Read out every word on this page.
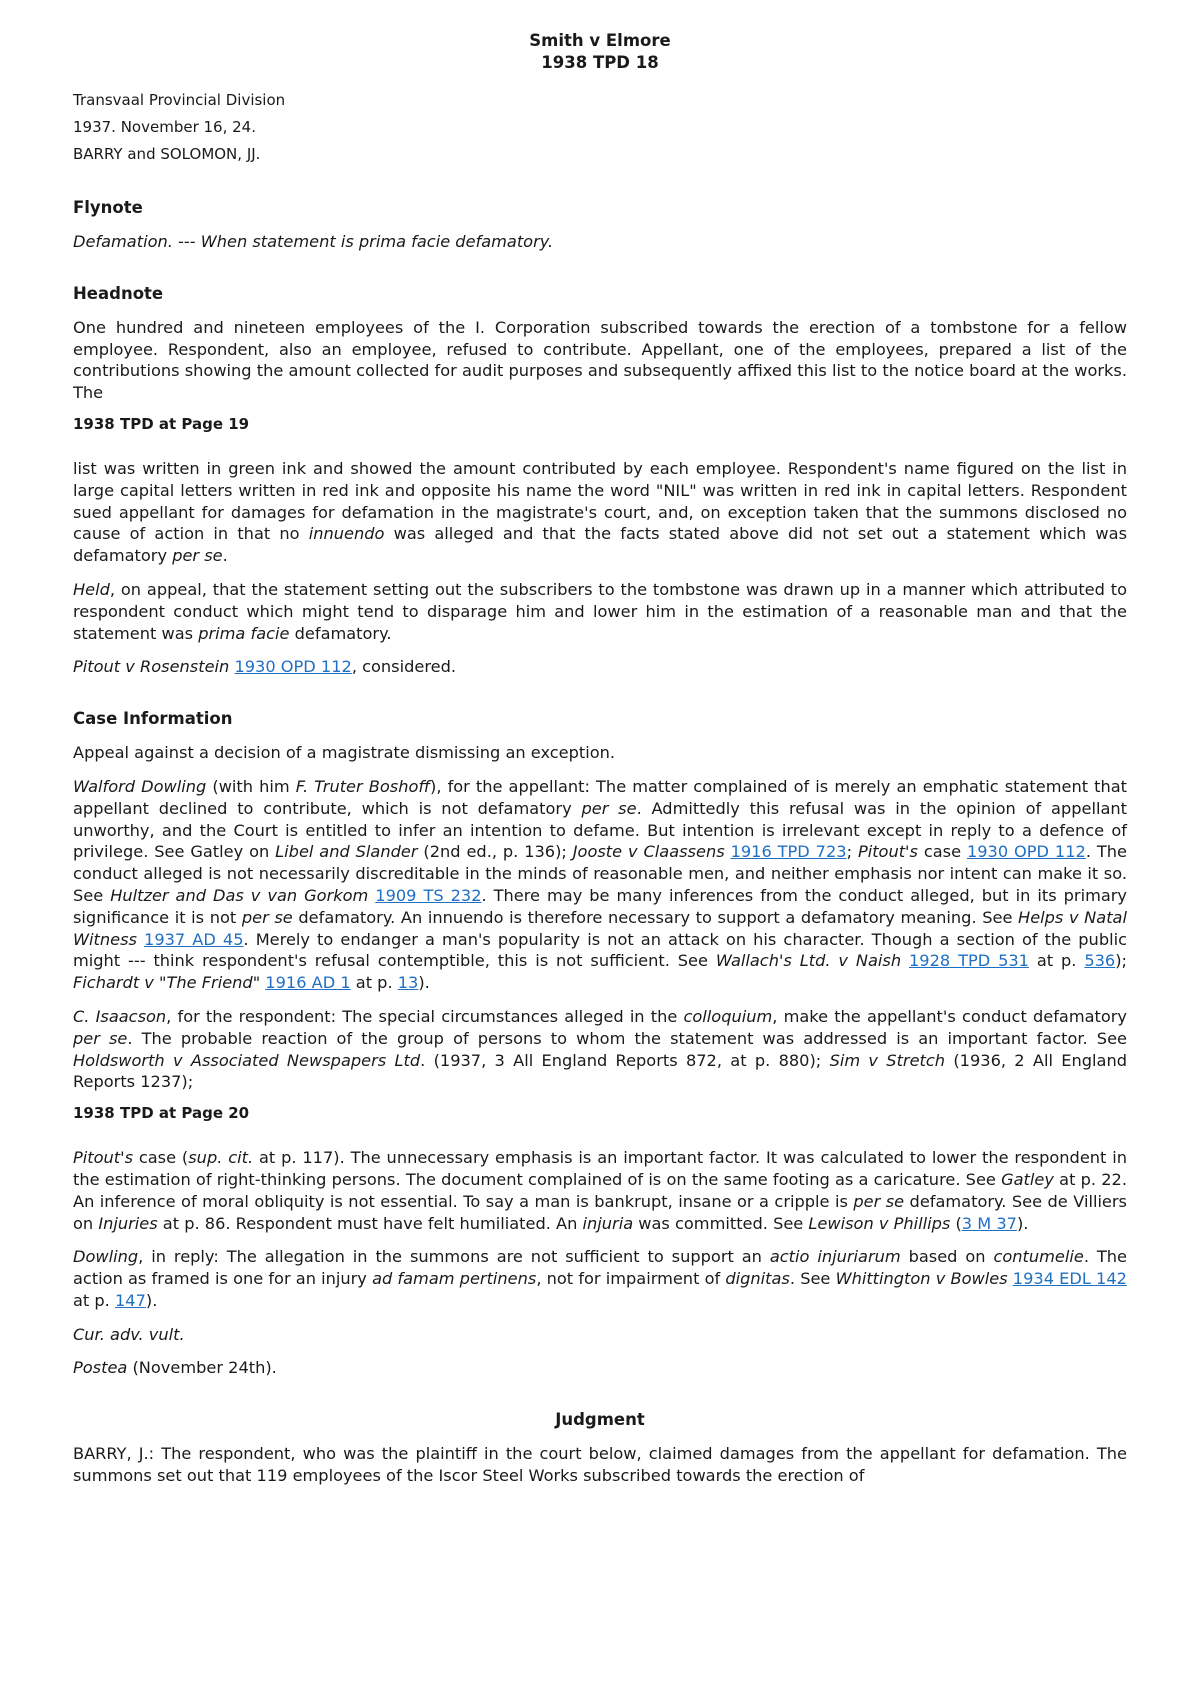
Smith v Elmore
1938 TPD 18

Transvaal Provincial Division

1937. November 16, 24.

BARRY and SOLOMON, JJ.

Flynote

Defamation. --- When statement is prima facie defamatory.

Headnote

One hundred and nineteen employees of the I. Corporation subscribed towards the erection of a tombstone for a fellow employee. Respondent, also an employee, refused to contribute. Appellant, one of the employees, prepared a list of the contributions showing the amount collected for audit purposes and subsequently affixed this list to the notice board at the works. The

1938 TPD at Page 19

list was written in green ink and showed the amount contributed by each employee. Respondent's name figured on the list in large capital letters written in red ink and opposite his name the word "NIL" was written in red ink in capital letters. Respondent sued appellant for damages for defamation in the magistrate's court, and, on exception taken that the summons disclosed no cause of action in that no innuendo was alleged and that the facts stated above did not set out a statement which was defamatory per se.

Held, on appeal, that the statement setting out the subscribers to the tombstone was drawn up in a manner which attributed to respondent conduct which might tend to disparage him and lower him in the estimation of a reasonable man and that the statement was prima facie defamatory.

Pitout v Rosenstein 1930 OPD 112, considered.

Case Information

Appeal against a decision of a magistrate dismissing an exception.

Walford Dowling (with him F. Truter Boshoff), for the appellant: The matter complained of is merely an emphatic statement that appellant declined to contribute, which is not defamatory per se. Admittedly this refusal was in the opinion of appellant unworthy, and the Court is entitled to infer an intention to defame. But intention is irrelevant except in reply to a defence of privilege. See Gatley on Libel and Slander (2nd ed., p. 136); Jooste v Claassens 1916 TPD 723; Pitout's case 1930 OPD 112. The conduct alleged is not necessarily discreditable in the minds of reasonable men, and neither emphasis nor intent can make it so. See Hultzer and Das v van Gorkom 1909 TS 232. There may be many inferences from the conduct alleged, but in its primary significance it is not per se defamatory. An innuendo is therefore necessary to support a defamatory meaning. See Helps v Natal Witness 1937 AD 45. Merely to endanger a man's popularity is not an attack on his character. Though a section of the public might --- think respondent's refusal contemptible, this is not sufficient. See Wallach's Ltd. v Naish 1928 TPD 531 at p. 536); Fichardt v "The Friend" 1916 AD 1 at p. 13).

C. Isaacson, for the respondent: The special circumstances alleged in the colloquium, make the appellant's conduct defamatory per se. The probable reaction of the group of persons to whom the statement was addressed is an important factor. See Holdsworth v Associated Newspapers Ltd. (1937, 3 All England Reports 872, at p. 880); Sim v Stretch (1936, 2 All England Reports 1237);

1938 TPD at Page 20

Pitout's case (sup. cit. at p. 117). The unnecessary emphasis is an important factor. It was calculated to lower the respondent in the estimation of right-thinking persons. The document complained of is on the same footing as a caricature. See Gatley at p. 22. An inference of moral obliquity is not essential. To say a man is bankrupt, insane or a cripple is per se defamatory. See de Villiers on Injuries at p. 86. Respondent must have felt humiliated. An injuria was committed. See Lewison v Phillips (3 M 37).

Dowling, in reply: The allegation in the summons are not sufficient to support an actio injuriarum based on contumelie. The action as framed is one for an injury ad famam pertinens, not for impairment of dignitas. See Whittington v Bowles 1934 EDL 142 at p. 147).

Cur. adv. vult.

Postea (November 24th).

Judgment

BARRY, J.: The respondent, who was the plaintiff in the court below, claimed damages from the appellant for defamation. The summons set out that 119 employees of the Iscor Steel Works subscribed towards the erection of
